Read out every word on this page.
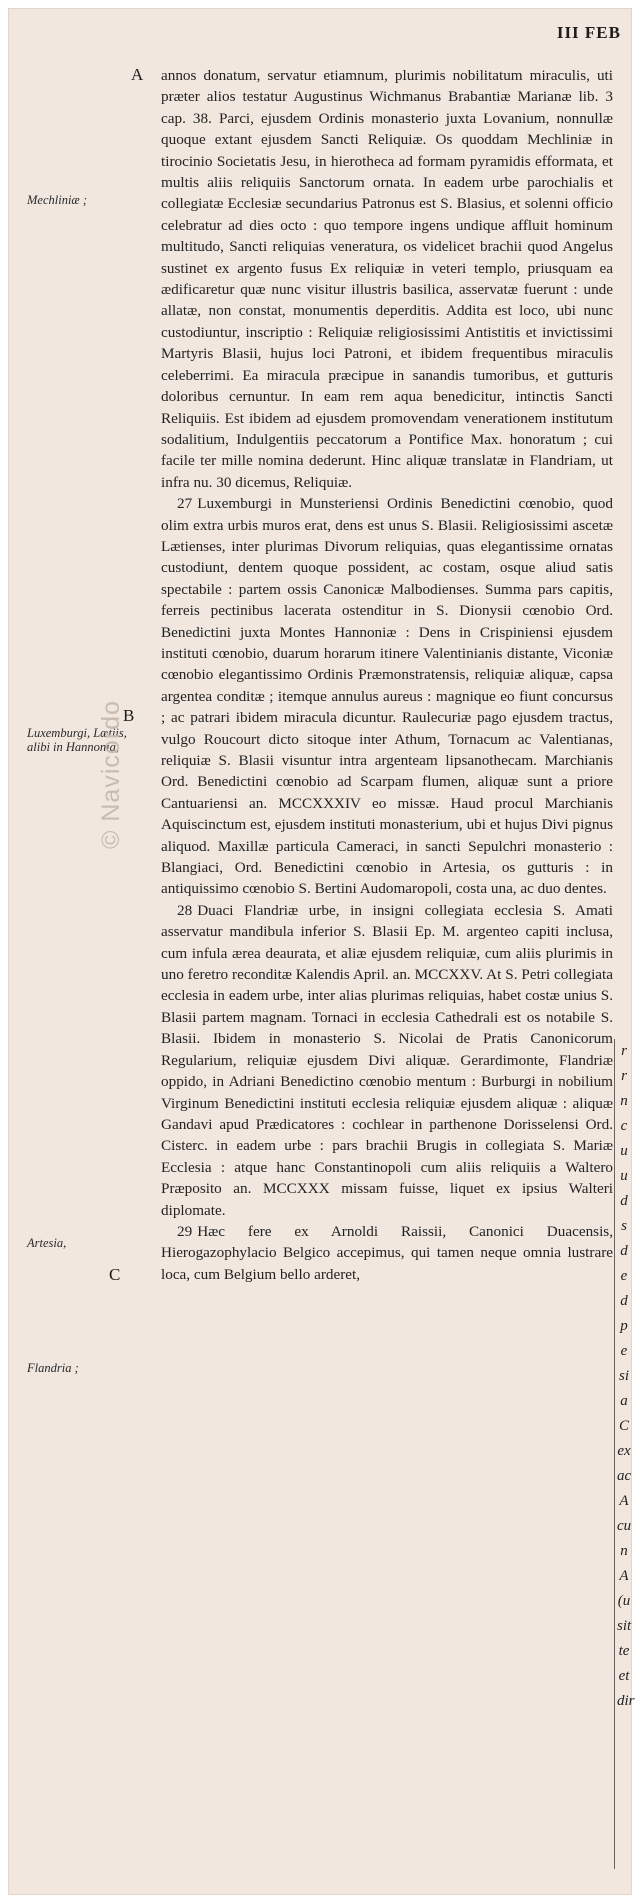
III FEB
A
B
C
Mechliniæ ;
Luxemburgi, Lætiis, alibi in Hannonia,
Artesia,
Flandria ;
© Navicordo

annos donatum, servatur etiamnum, plurimis nobilitatum miraculis, uti præter alios testatur Augustinus Wichmanus Brabantiæ Marianæ lib. 3 cap. 38. Parci, ejusdem Ordinis monasterio juxta Lovanium, nonnullæ quoque extant ejusdem Sancti Reliquiæ. Os quoddam Mechliniæ in tirocinio Societatis Jesu, in hierotheca ad formam pyramidis efformata, et multis aliis reliquiis Sanctorum ornata. In eadem urbe parochialis et collegiatæ Ecclesiæ secundarius Patronus est S. Blasius, et solenni officio celebratur ad dies octo : quo tempore ingens undique affluit hominum multitudo, Sancti reliquias veneratura, os videlicet brachii quod Angelus sustinet ex argento fusus Ex reliquiæ in veteri templo, priusquam ea ædificaretur quæ nunc visitur illustris basilica, asservatæ fuerunt : unde allatæ, non constat, monumentis deperditis. Addita est loco, ubi nunc custodiuntur, inscriptio : Reliquiæ religiosissimi Antistitis et invictissimi Martyris Blasii, hujus loci Patroni, et ibidem frequentibus miraculis celeberrimi. Ea miracula præcipue in sanandis tumoribus, et gutturis doloribus cernuntur. In eam rem aqua benedicitur, intinctis Sancti Reliquiis. Est ibidem ad ejusdem promovendam venerationem institutum sodalitium, Indulgentiis peccatorum a Pontifice Max. honoratum ; cui facile ter mille nomina dederunt. Hinc aliquæ translatæ in Flandriam, ut infra nu. 30 dicemus, Reliquiæ.

27 Luxemburgi in Munsteriensi Ordinis Benedictini cœnobio, quod olim extra urbis muros erat, dens est unus S. Blasii. Religiosissimi ascetæ Lætienses, inter plurimas Divorum reliquias, quas elegantissime ornatas custodiunt, dentem quoque possident, ac costam, osque aliud satis spectabile : partem ossis Canonicæ Malbodienses. Summa pars capitis, ferreis pectinibus lacerata ostenditur in S. Dionysii cœnobio Ord. Benedictini juxta Montes Hannoniæ : Dens in Crispiniensi ejusdem instituti cœnobio, duarum horarum itinere Valentinianis distante, Viconiæ cœnobio elegantissimo Ordinis Præmonstratensis, reliquiæ aliquæ, capsa argentea conditæ ; itemque annulus aureus : magnique eo fiunt concursus ; ac patrari ibidem miracula dicuntur. Raulecuriæ pago ejusdem tractus, vulgo Roucourt dicto sitoque inter Athum, Tornacum ac Valentianas, reliquiæ S. Blasii visuntur intra argenteam lipsanothecam. Marchianis Ord. Benedictini cœnobio ad Scarpam flumen, aliquæ sunt a priore Cantuariensi an. MCCXXXIV eo missæ. Haud procul Marchianis Aquiscinctum est, ejusdem instituti monasterium, ubi et hujus Divi pignus aliquod. Maxillæ particula Cameraci, in sancti Sepulchri monasterio : Blangiaci, Ord. Benedictini cœnobio in Artesia, os gutturis : in antiquissimo cœnobio S. Bertini Audomaropoli, costa una, ac duo dentes.

28 Duaci Flandriæ urbe, in insigni collegiata ecclesia S. Amati asservatur mandibula inferior S. Blasii Ep. M. argenteo capiti inclusa, cum infula ærea deaurata, et aliæ ejusdem reliquiæ, cum aliis plurimis in uno feretro reconditæ Kalendis April. an. MCCXXV. At S. Petri collegiata ecclesia in eadem urbe, inter alias plurimas reliquias, habet costæ unius S. Blasii partem magnam. Tornaci in ecclesia Cathedrali est os notabile S. Blasii. Ibidem in monasterio S. Nicolai de Pratis Canonicorum Regularium, reliquiæ ejusdem Divi aliquæ. Gerardimonte, Flandriæ oppido, in Adriani Benedictino cœnobio mentum : Burburgi in nobilium Virginum Benedictini instituti ecclesia reliquiæ ejusdem aliquæ : aliquæ Gandavi apud Prædicatores : cochlear in parthenone Dorisselensi Ord. Cisterc. in eadem urbe : pars brachii Brugis in collegiata S. Mariæ Ecclesia : atque hanc Constantinopoli cum aliis reliquiis a Waltero Præposito an. MCCXXX missam fuisse, liquet ex ipsius Walteri diplomate.

29 Hæc fere ex Arnoldi Raissii, Canonici Duacensis, Hierogazophylacio Belgico accepimus, qui tamen neque omnia lustrare loca, cum Belgium bello arderet,

r
r
n
c
u
u
d
s
d
e
d
p
e
si
a
C
ex
ac
A
cu
n
A
(u
sit
te
et
dir
